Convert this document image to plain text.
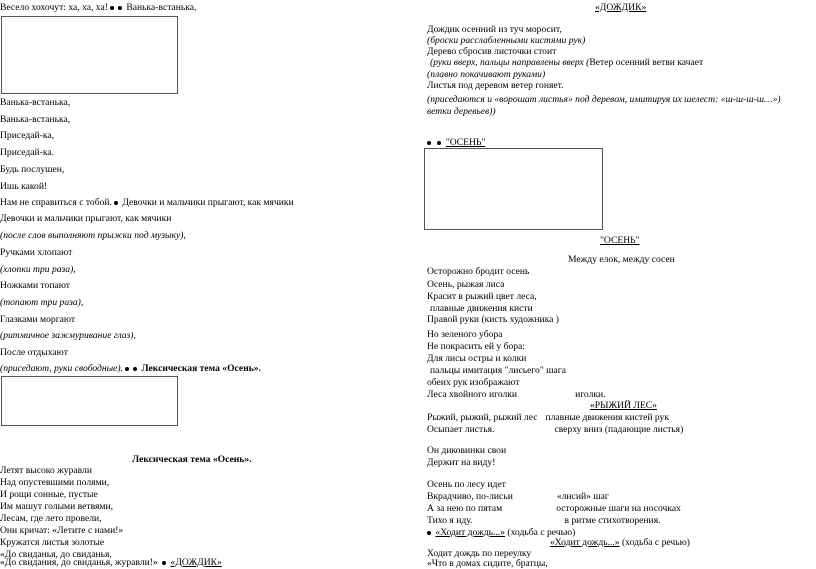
Весело хохочут: ха, ха, ха! Ванька-встанька,
Ванька-встанька,
Ванька-встанька,
Приседай-ка,
Приседай-ка.
Будь послушен,
Ишь какой!
Нам не справиться с тобой. Девочки и мальчики прыгают, как мячики
Девочки и мальчики прыгают, как мячики
(после слов выполняют прыжки под музыку),
Ручками хлопают
(хлопки три раза),
Ножками топают
(топают три раза),
Глазками моргают
(ритмичное зажмуривание глаз),
После отдыхают
(приседают, руки свободные). Лексическая тема «Осень».
Лексическая тема «Осень».
Летят высоко журавли
Над опустевшими полями,
И рощи сонные, пустые
Им машут голыми ветвями,
Лесам, где лето провели,
Они кричат: «Летите с нами!»
Кружатся листья золотые
«До свиданья, до свиданья,
«До свидания, до свиданья, журавли!» «ДОЖДИК»
«ДОЖДИК»
Дождик осенний из туч моросит,
(броски расслабленными кистями рук)
Дерево сбросив листочки стоит
(руки вверх, пальцы направлены вверх (Ветер осенний ветви качает
(плавно покачивают руками)
Листья под деревом ветер гоняет.
(приседаются и «ворошат листья» под деревом, имитируя их шелест: «ш-ш-ш-ш…»)
ветки деревьев))
"ОСЕНЬ"
"ОСЕНЬ"
Между елок, между сосен
Осторожно бродит осень
Осень, рыжая лиса
Красит в рыжий цвет леса,
плавные движения кисти
Правой руки (кисть художника )
Но зеленого убора
Не покрасить ей у бора:
Для лисы остры и колки
пальцы имитация "лисьего" шага
обеих рук изображают
Леса хвойного иголки	иголки.
«РЫЖИЙ ЛЕС»
Рыжий, рыжий, рыжий лес плавные движения кистей рук
Осыпает листья.	сверху вниз (падающие листья)
Он диковинки свои
Держит на виду!
Осень по лесу идет
Вкрадчиво, по-лисьи	«лисий» шаг
А за нею по пятам	осторожные шаги на носочках
Тихо я иду.	в ритме стихотворения.
«Ходит дождь...» (ходьба с речью)
«Ходит дождь...» (ходьба с речью)
Ходит дождь по переулку
«Что в домах сидите, братцы,
